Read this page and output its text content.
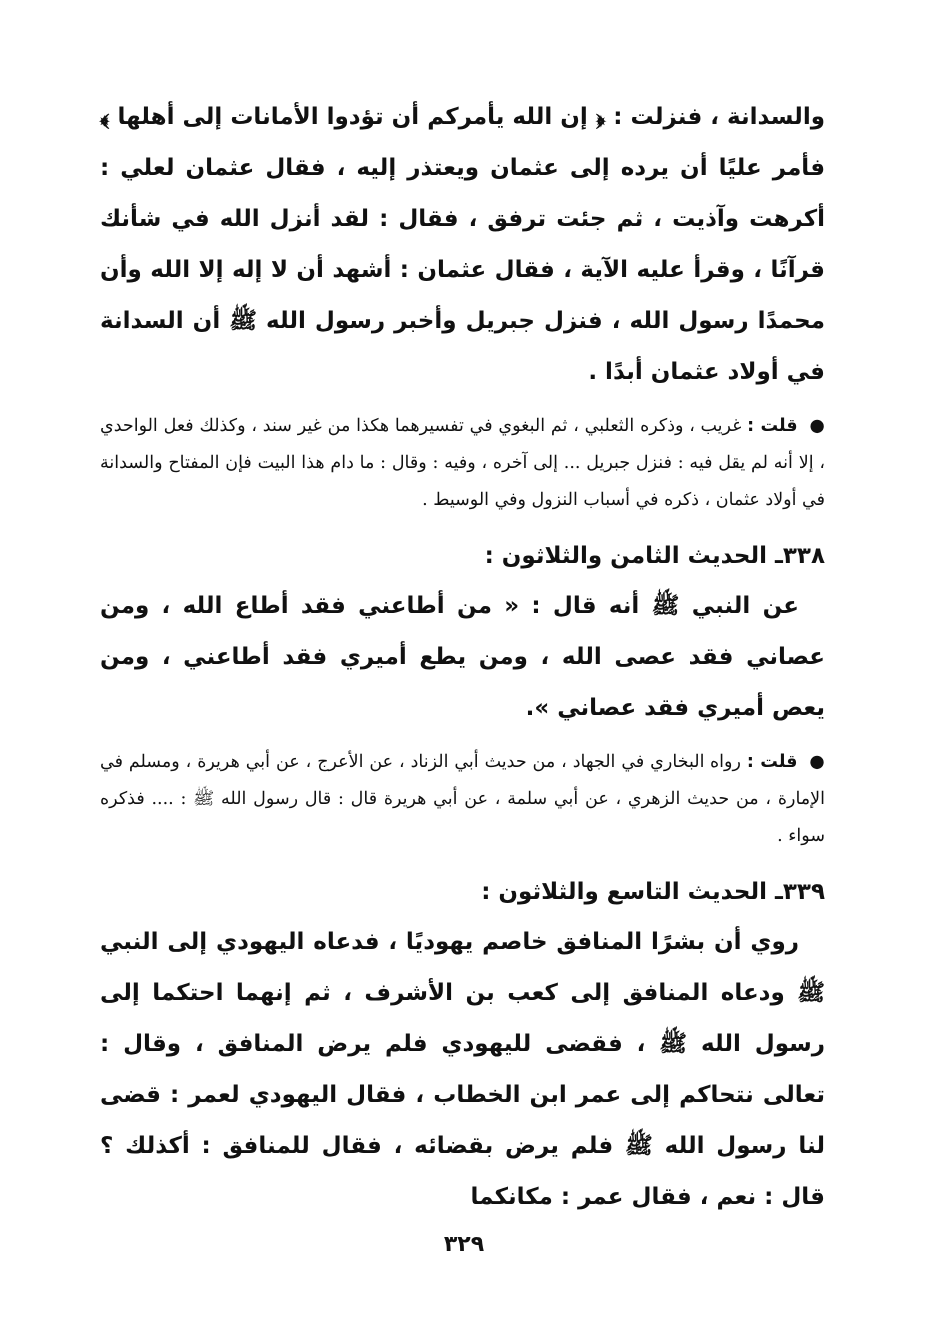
والسدانة ، فنزلت : ﴿ إن الله يأمركم أن تؤدوا الأمانات إلى أهلها ﴾ فأمر عليًا أن يرده إلى عثمان ويعتذر إليه ، فقال عثمان لعلي : أكرهت وآذيت ، ثم جئت ترفق ، فقال : لقد أنزل الله في شأنك قرآنًا ، وقرأ عليه الآية ، فقال عثمان : أشهد أن لا إله إلا الله وأن محمدًا رسول الله ، فنزل جبريل وأخبر رسول الله ﷺ أن السدانة في أولاد عثمان أبدًا .

● قلت : غريب ، وذكره الثعلبي ، ثم البغوي في تفسيرهما هكذا من غير سند ، وكذلك فعل الواحدي ، إلا أنه لم يقل فيه : فنزل جبريل ... إلى آخره ، وفيه : وقال : ما دام هذا البيت فإن المفتاح والسدانة في أولاد عثمان ، ذكره في أسباب النزول وفي الوسيط .

٣٣٨ـ الحديث الثامن والثلاثون :

عن النبي ﷺ أنه قال : « من أطاعني فقد أطاع الله ، ومن عصاني فقد عصى الله ، ومن يطع أميري فقد أطاعني ، ومن يعص أميري فقد عصاني ».

● قلت : رواه البخاري في الجهاد ، من حديث أبي الزناد ، عن الأعرج ، عن أبي هريرة ، ومسلم في الإمارة ، من حديث الزهري ، عن أبي سلمة ، عن أبي هريرة قال : قال رسول الله ﷺ : .... فذكره سواء .

٣٣٩ـ الحديث التاسع والثلاثون :

روي أن بشرًا المنافق خاصم يهوديًا ، فدعاه اليهودي إلى النبي ﷺ ودعاه المنافق إلى كعب بن الأشرف ، ثم إنهما احتكما إلى رسول الله ﷺ ، فقضى لليهودي فلم يرض المنافق ، وقال : تعالى نتحاكم إلى عمر ابن الخطاب ، فقال اليهودي لعمر : قضى لنا رسول الله ﷺ فلم يرض بقضائه ، فقال للمنافق : أكذلك ؟ قال : نعم ، فقال عمر : مكانكما

٣٢٩
